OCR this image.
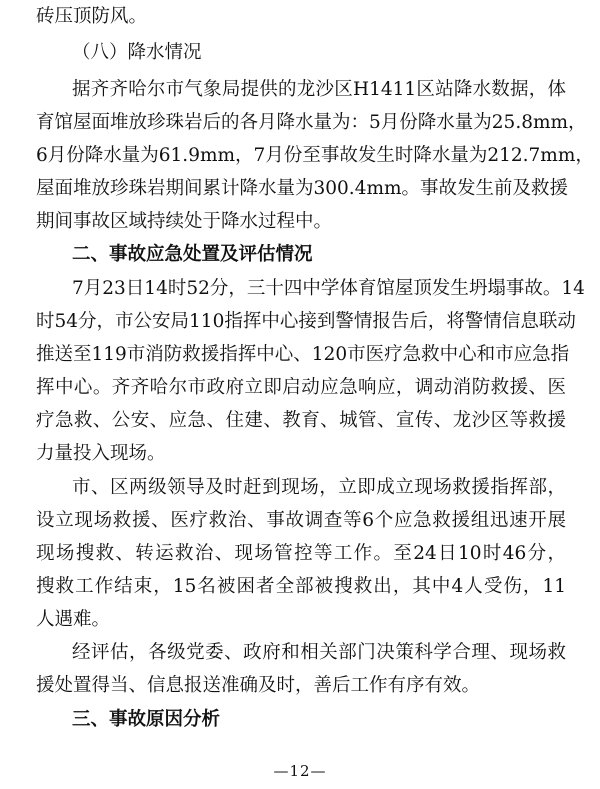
砖压顶防风。
（八）降水情况
据齐齐哈尔市气象局提供的龙沙区H1411区站降水数据，体
育馆屋面堆放珍珠岩后的各月降水量为：5月份降水量为25.8mm，
6月份降水量为61.9mm，7月份至事故发生时降水量为212.7mm，
屋面堆放珍珠岩期间累计降水量为300.4mm。事故发生前及救援
期间事故区域持续处于降水过程中。
二、事故应急处置及评估情况
7月23日14时52分，三十四中学体育馆屋顶发生坍塌事故。14
时54分，市公安局110指挥中心接到警情报告后，将警情信息联动
推送至119市消防救援指挥中心、120市医疗急救中心和市应急指
挥中心。齐齐哈尔市政府立即启动应急响应，调动消防救援、医
疗急救、公安、应急、住建、教育、城管、宣传、龙沙区等救援
力量投入现场。
市、区两级领导及时赶到现场，立即成立现场救援指挥部，
设立现场救援、医疗救治、事故调查等6个应急救援组迅速开展
现场搜救、转运救治、现场管控等工作。至24日10时46分，
搜救工作结束，15名被困者全部被搜救出，其中4人受伤，11
人遇难。
经评估，各级党委、政府和相关部门决策科学合理、现场救
援处置得当、信息报送准确及时，善后工作有序有效。
三、事故原因分析
—12—
